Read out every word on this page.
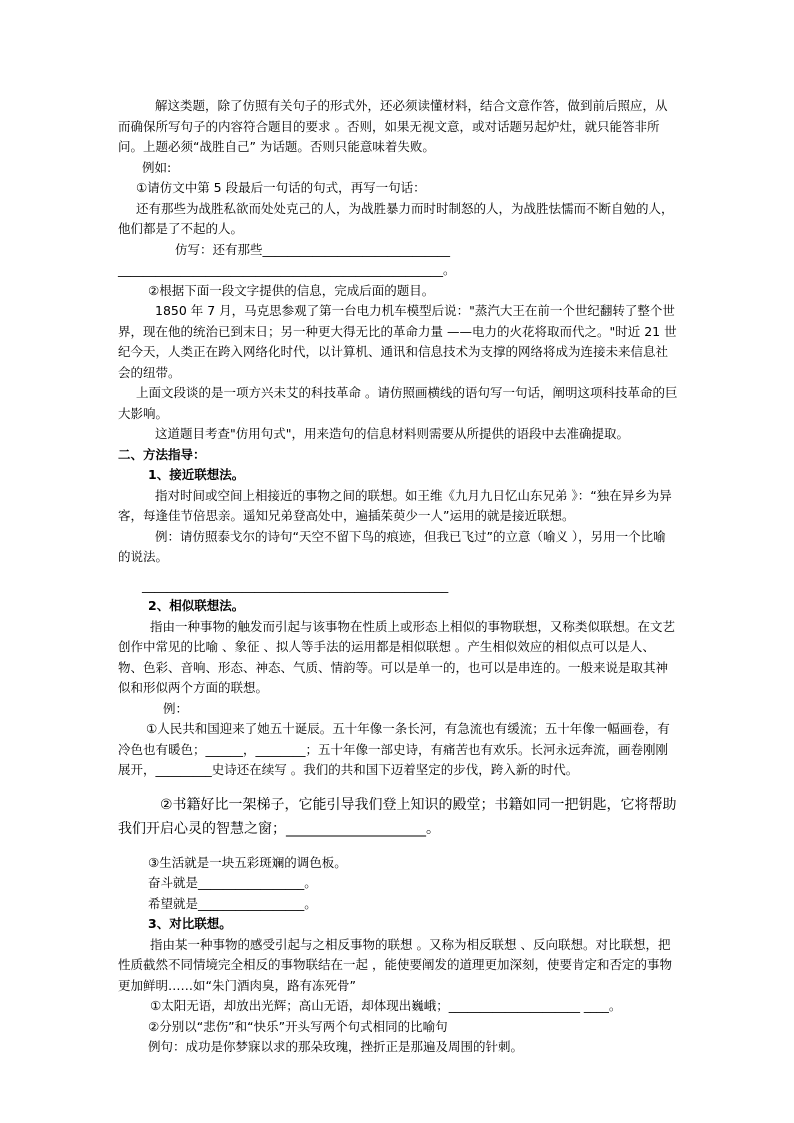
解这类题，除了仿照有关句子的形式外，还必须读懂材料，结合文意作答，做到前后照应，从而确保所写句子的内容符合题目的要求 。否则，如果无视文意，或对话题另起炉灶，就只能答非所问。上题必须“战胜自己” 为话题。否则只能意味着失败。

例如:

①请仿文中第 5 段最后一句话的句式，再写一句话：

还有那些为战胜私欲而处处克己的人，为战胜暴力而时时制怒的人，为战胜怯懦而不断自勉的人，他们都是了不起的人。

仿写：还有那些______________________________

____________________________________________________。

②根据下面一段文字提供的信息，完成后面的题目。

1850 年 7 月，马克思参观了第一台电力机车模型后说："蒸汽大王在前一个世纪翻转了整个世界，现在他的统治已到末日；另一种更大得无比的革命力量 ——电力的火花将取而代之。"时近 21 世纪今天，人类正在跨入网络化时代，以计算机、通讯和信息技术为支撑的网络将成为连接未来信息社会的纽带。

上面文段谈的是一项方兴未艾的科技革命 。请仿照画横线的语句写一句话，阐明这项科技革命的巨大影响。

这道题目考查"仿用句式"，用来造句的信息材料则需要从所提供的语段中去准确提取。

二、方法指导：

1、接近联想法。

指对时间或空间上相接近的事物之间的联想。如王维《九月九日忆山东兄弟 》：“独在异乡为异客，每逢佳节倍思亲。遥知兄弟登高处中，遍插茱萸少一人”运用的就是接近联想。

例：请仿照泰戈尔的诗句“天空不留下鸟的痕迹，但我已飞过”的立意（喻义 ），另用一个比喻的说法。

_________________________________________________

2、相似联想法。

指由一种事物的触发而引起与该事物在性质上或形态上相似的事物联想，又称类似联想。在文艺创作中常见的比喻 、象征 、拟人等手法的运用都是相似联想 。产生相似效应的相似点可以是人、物、色彩、音响、形态、神态、气质、情韵等。可以是单一的，也可以是串连的。一般来说是取其神似和形似两个方面的联想。

例：

①人民共和国迎来了她五十诞辰。五十年像一条长河，有急流也有缓流；五十年像一幅画卷，有冷色也有暖色；______，________；五十年像一部史诗，有痛苦也有欢乐。长河永远奔流，画卷刚刚展开，_________史诗还在续写 。我们的共和国下迈着坚定的步伐，跨入新的时代。

②书籍好比一架梯子，它能引导我们登上知识的殿堂；书籍如同一把钥匙，它将帮助我们开启心灵的智慧之窗；____________________。

③生活就是一块五彩斑斓的调色板。

奋斗就是_________________。

希望就是_________________。

3、对比联想。

指由某一种事物的感受引起与之相反事物的联想 。又称为相反联想 、反向联想。对比联想，把性质截然不同情境完全相反的事物联结在一起 ，能使要阐发的道理更加深刻，使要肯定和否定的事物更加鲜明……如“朱门酒肉臭，路有冻死骨”

①太阳无语，却放出光辉；高山无语，却体现出巍峨；_____________________ ____。

②分别以“悲伤”和“快乐”开头写两个句式相同的比喻句

例句：成功是你梦寐以求的那朵玫瑰，挫折正是那遍及周围的针刺。
